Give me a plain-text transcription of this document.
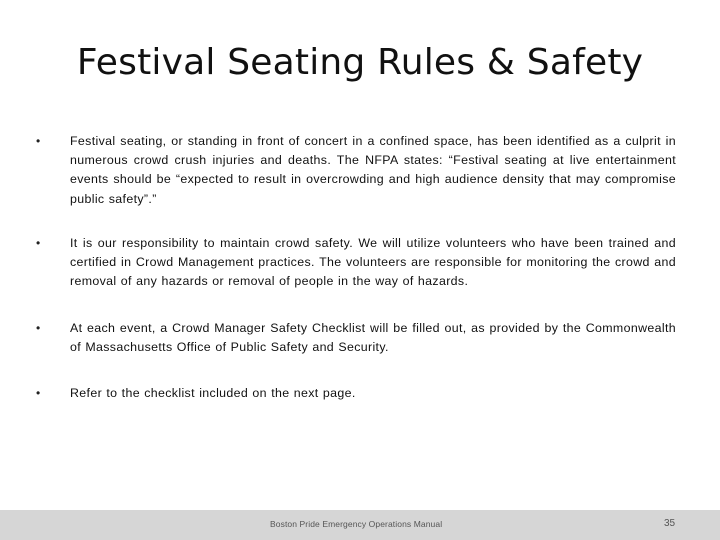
Festival Seating Rules & Safety
• Festival seating, or standing in front of concert in a confined space, has been identified as a culprit in numerous crowd crush injuries and deaths. The NFPA states: “Festival seating at live entertainment events should be “expected to result in overcrowding and high audience density that may compromise public safety”.”
• It is our responsibility to maintain crowd safety. We will utilize volunteers who have been trained and certified in Crowd Management practices. The volunteers are responsible for monitoring the crowd and removal of any hazards or removal of people in the way of hazards.
• At each event, a Crowd Manager Safety Checklist will be filled out, as provided by the Commonwealth of Massachusetts Office of Public Safety and Security.
• Refer to the checklist included on the next page.
Boston Pride Emergency Operations Manual	35
